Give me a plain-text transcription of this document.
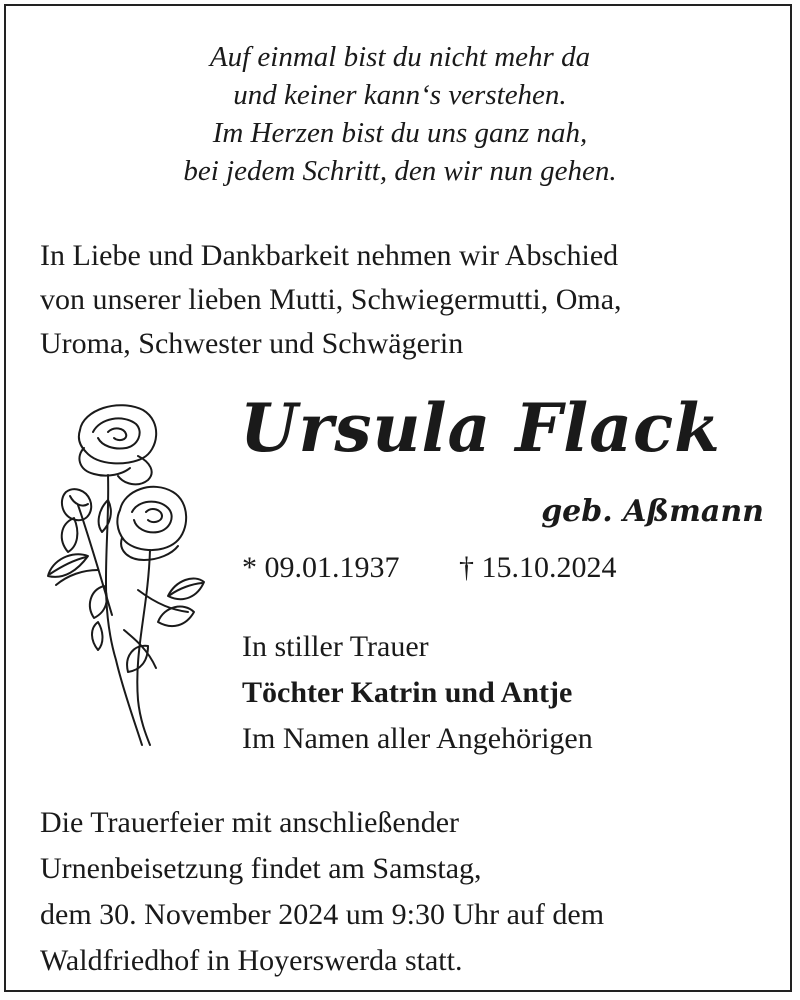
Auf einmal bist du nicht mehr da
und keiner kann‘s verstehen.
Im Herzen bist du uns ganz nah,
bei jedem Schritt, den wir nun gehen.
In Liebe und Dankbarkeit nehmen wir Abschied
von unserer lieben Mutti, Schwiegermutti, Oma,
Uroma, Schwester und Schwägerin
Ursula Flack
geb. Aßmann
* 09.01.1937 † 15.10.2024
In stiller Trauer
Töchter Katrin und Antje
Im Namen aller Angehörigen
Die Trauerfeier mit anschließender
Urnenbeisetzung findet am Samstag,
dem 30. November 2024 um 9:30 Uhr auf dem
Waldfriedhof in Hoyerswerda statt.
